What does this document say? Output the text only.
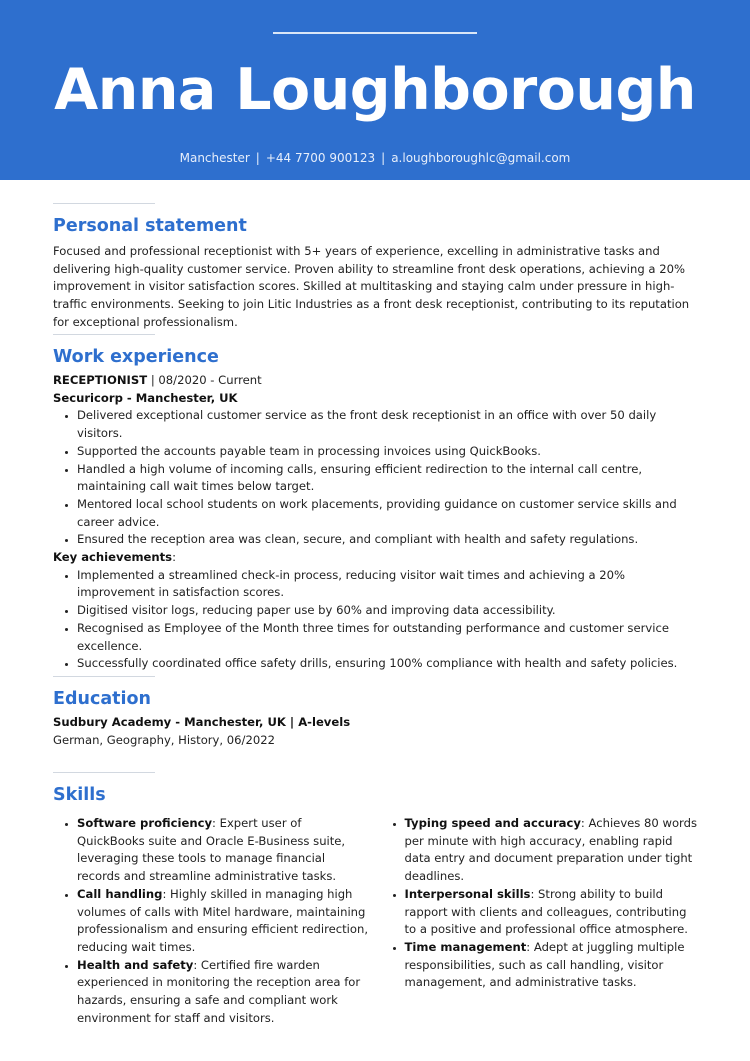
Anna Loughborough
Manchester | +44 7700 900123 | a.loughboroughlc@gmail.com
Personal statement

Focused and professional receptionist with 5+ years of experience, excelling in administrative tasks and delivering high-quality customer service. Proven ability to streamline front desk operations, achieving a 20% improvement in visitor satisfaction scores. Skilled at multitasking and staying calm under pressure in high-traffic environments. Seeking to join Litic Industries as a front desk receptionist, contributing to its reputation for exceptional professionalism.

Work experience
RECEPTIONIST | 08/2020 - Current
Securicorp - Manchester, UK
• Delivered exceptional customer service as the front desk receptionist in an office with over 50 daily visitors.
• Supported the accounts payable team in processing invoices using QuickBooks.
• Handled a high volume of incoming calls, ensuring efficient redirection to the internal call centre, maintaining call wait times below target.
• Mentored local school students on work placements, providing guidance on customer service skills and career advice.
• Ensured the reception area was clean, secure, and compliant with health and safety regulations.
Key achievements:
• Implemented a streamlined check-in process, reducing visitor wait times and achieving a 20% improvement in satisfaction scores.
• Digitised visitor logs, reducing paper use by 60% and improving data accessibility.
• Recognised as Employee of the Month three times for outstanding performance and customer service excellence.
• Successfully coordinated office safety drills, ensuring 100% compliance with health and safety policies.
Education
Sudbury Academy - Manchester, UK | A-levels
German, Geography, History, 06/2022
Skills
• Software proficiency: Expert user of QuickBooks suite and Oracle E-Business suite, leveraging these tools to manage financial records and streamline administrative tasks.
• Call handling: Highly skilled in managing high volumes of calls with Mitel hardware, maintaining professionalism and ensuring efficient redirection, reducing wait times.
• Health and safety: Certified fire warden experienced in monitoring the reception area for hazards, ensuring a safe and compliant work environment for staff and visitors.
• Typing speed and accuracy: Achieves 80 words per minute with high accuracy, enabling rapid data entry and document preparation under tight deadlines.
• Interpersonal skills: Strong ability to build rapport with clients and colleagues, contributing to a positive and professional office atmosphere.
• Time management: Adept at juggling multiple responsibilities, such as call handling, visitor management, and administrative tasks.
